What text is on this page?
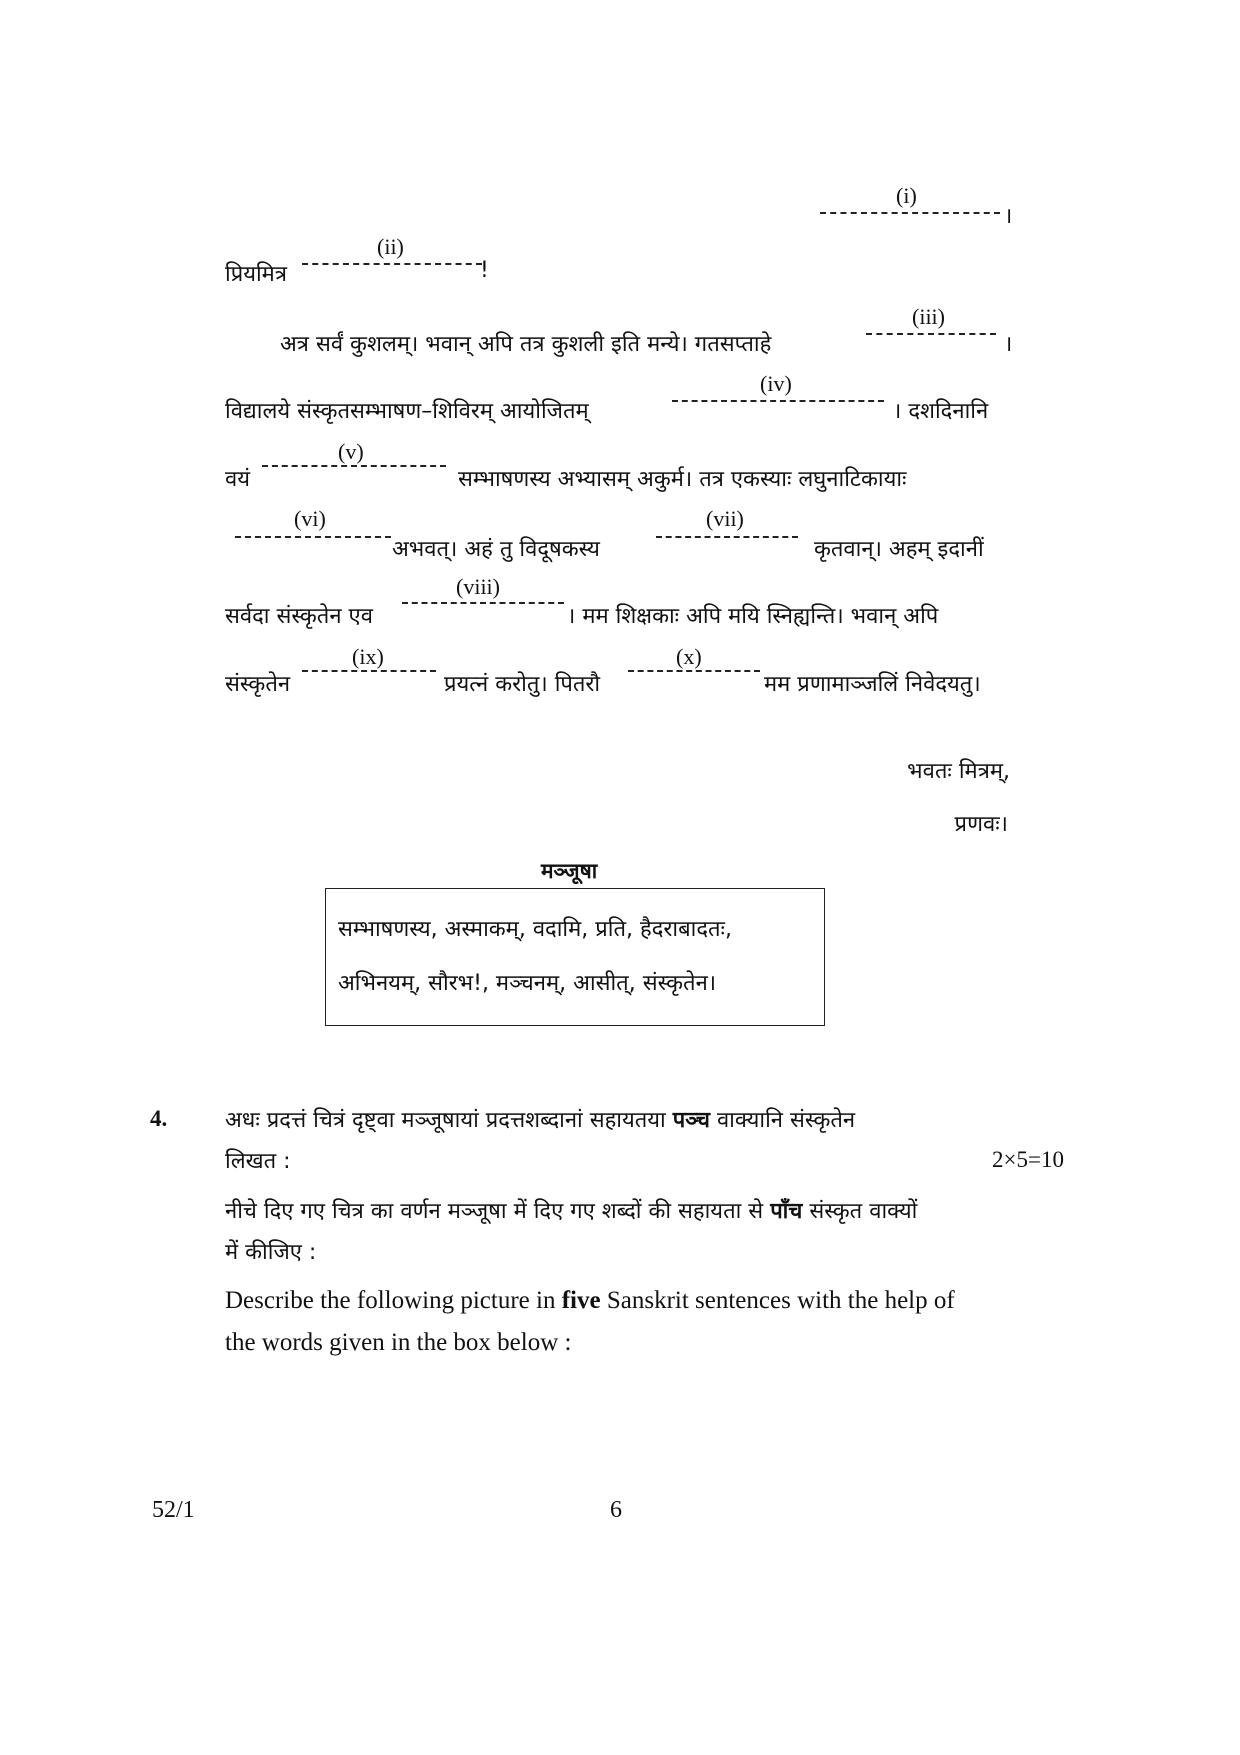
(i)
।
प्रियमित्र
(ii)
!
अत्र सर्वं कुशलम्। भवान् अपि तत्र कुशली इति मन्ये। गतसप्ताहे
(iii)
।
विद्यालये संस्कृतसम्भाषण–शिविरम् आयोजितम्
(iv)
। दशदिनानि
वयं
(v)
सम्भाषणस्य अभ्यासम् अकुर्म। तत्र एकस्याः लघुनाटिकायाः
(vi)
अभवत्। अहं तु विदूषकस्य
(vii)
कृतवान्। अहम् इदानीं
सर्वदा संस्कृतेन एव
(viii)
। मम शिक्षकाः अपि मयि स्निह्यन्ति। भवान् अपि
संस्कृतेन
(ix)
प्रयत्नं करोतु। पितरौ
(x)
मम प्रणामाञ्जलिं निवेदयतु।
भवतः मित्रम्,
प्रणवः।
मञ्जूषा
सम्भाषणस्य, अस्माकम्, वदामि, प्रति, हैदराबादतः,
अभिनयम्, सौरभ!, मञ्चनम्, आसीत्, संस्कृतेन।
4.	अधः प्रदत्तं चित्रं दृष्ट्वा मञ्जूषायां प्रदत्तशब्दानां सहायतया पञ्च वाक्यानि संस्कृतेन
लिखत :	2×5=10
नीचे दिए गए चित्र का वर्णन मञ्जूषा में दिए गए शब्दों की सहायता से पाँच संस्कृत वाक्यों
में कीजिए :
Describe the following picture in five Sanskrit sentences with the help of
the words given in the box below :
52/1	6
